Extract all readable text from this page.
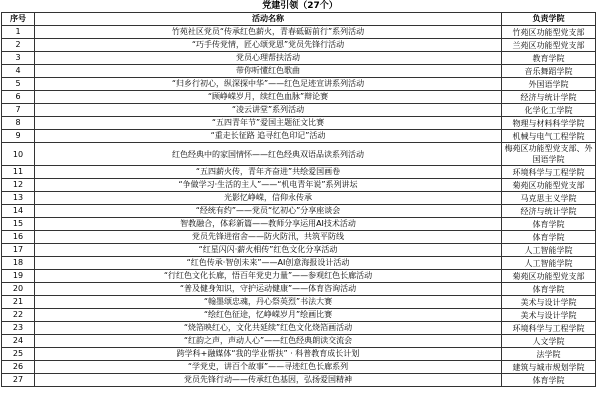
党建引领（27个）
序号	活动名称	负责学院
1	竹苑社区党员“传承红色薪火，青春砥砺前行”系列活动	竹苑区功能型党支部
2	“巧手传党情，匠心颂党恩”党员先锋行活动	兰苑区功能型党支部
3	党员心理帮扶活动	教育学院
4	带你听懂红色歌曲	音乐舞蹈学院
5	“归乡行初心，纵深探中华”——红色足迹宣讲系列活动	外国语学院
6	“顾峥嵘岁月，续红色血脉”辩论赛	经济与统计学院
7	“凌云讲堂”系列活动	化学化工学院
8	“五四青年节”爱国主题征文比赛	物理与材料科学学院
9	“重走长征路 追寻红色印记”活动	机械与电气工程学院
10	红色经典中的家国情怀——红色经典双语品读系列活动	梅苑区功能型党支部、外国语学院
11	“五四薪火传，青年齐奋进”共绘爱国画卷	环境科学与工程学院
12	“争做学习·生活的主人”——“机电青年说”系列讲坛	菊苑区功能型党支部
13	光影忆峥嵘，信仰永传承	马克思主义学院
14	“经统有约”——党员“忆初心”分享座谈会	经济与统计学院
15	智教融合，体彩新篇——教师分享运用AI技术活动	体育学院
16	党员先锋进宿舍——防火防汛，共筑平防线	体育学院
17	“红星闪闪·薪火相传”红色文化分享活动	人工智能学院
18	“红色传承·智创未来”——AI创意海报设计活动	人工智能学院
19	“行红色文化长廊，悟百年党史力量”——参观红色长廊活动	菊苑区功能型党支部
20	“普及健身知识，守护运动健康”——体育咨询活动	体育学院
21	“翰墨颂忠魂，丹心祭英烈”书法大赛	美术与设计学院
22	“绘红色征途，忆峥嵘岁月”绘画比赛	美术与设计学院
23	“烧箔映红心，文化共延续”红色文化烧箔画活动	环境科学与工程学院
24	“红韵之声，声动人心”——红色经典朗读交流会	人文学院
25	跨学科+融媒体“我的学业帮扶” · 科普教育成长计划	法学院
26	“学党史，讲百个故事”——寻迹红色长廊系列	建筑与城市规划学院
27	党员先锋行动——传承红色基因，弘扬爱国精神	体育学院
